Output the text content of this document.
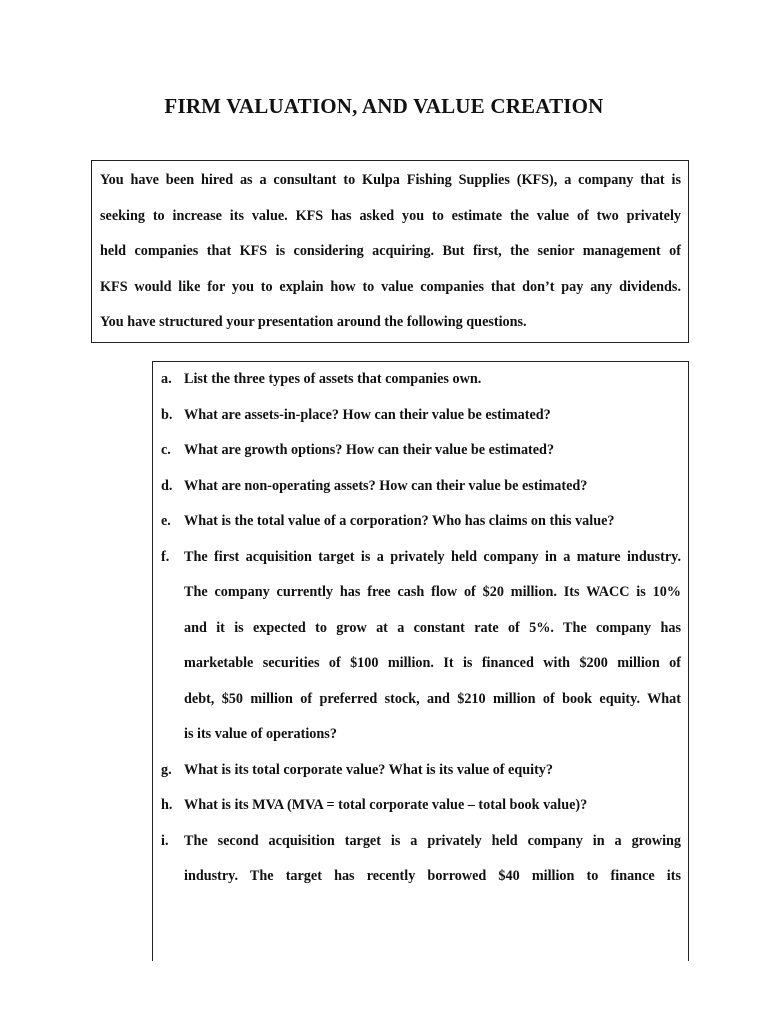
FIRM VALUATION, AND VALUE CREATION
You have been hired as a consultant to Kulpa Fishing Supplies (KFS), a company that is
seeking to increase its value. KFS has asked you to estimate the value of two privately
held companies that KFS is considering acquiring. But first, the senior management of
KFS would like for you to explain how to value companies that don’t pay any dividends.
You have structured your presentation around the following questions.
a. List the three types of assets that companies own.
b. What are assets-in-place? How can their value be estimated?
c. What are growth options? How can their value be estimated?
d. What are non-operating assets? How can their value be estimated?
e. What is the total value of a corporation? Who has claims on this value?
f. The first acquisition target is a privately held company in a mature industry.
The company currently has free cash flow of $20 million. Its WACC is 10%
and it is expected to grow at a constant rate of 5%. The company has
marketable securities of $100 million. It is financed with $200 million of
debt, $50 million of preferred stock, and $210 million of book equity. What
is its value of operations?
g. What is its total corporate value? What is its value of equity?
h. What is its MVA (MVA = total corporate value – total book value)?
i. The second acquisition target is a privately held company in a growing
industry. The target has recently borrowed $40 million to finance its
